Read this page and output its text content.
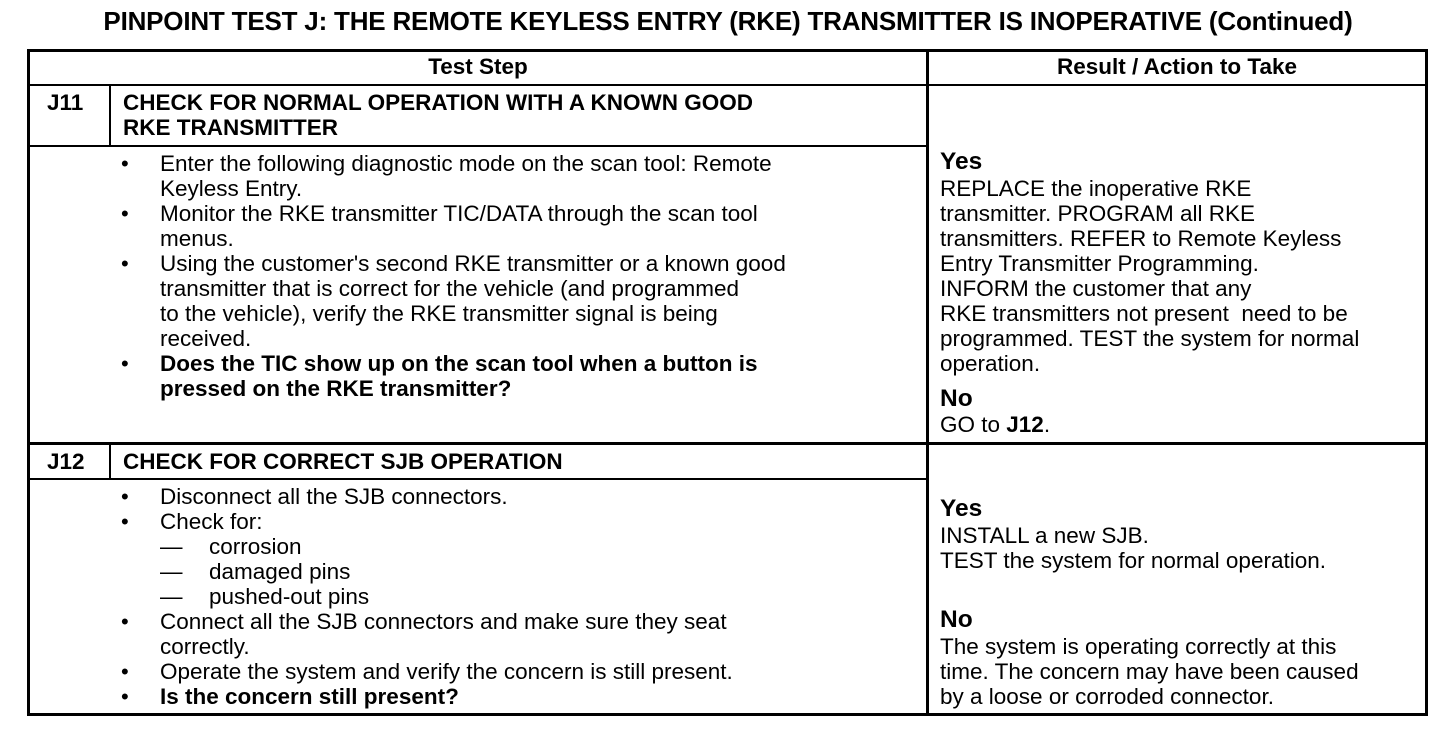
PINPOINT TEST J: THE REMOTE KEYLESS ENTRY (RKE) TRANSMITTER IS INOPERATIVE (Continued)
Test Step	Result / Action to Take
J11 CHECK FOR NORMAL OPERATION WITH A KNOWN GOOD
RKE TRANSMITTER
• Enter the following diagnostic mode on the scan tool: Remote
Keyless Entry.
• Monitor the RKE transmitter TIC/DATA through the scan tool
menus.
• Using the customer's second RKE transmitter or a known good
transmitter that is correct for the vehicle (and programmed
to the vehicle), verify the RKE transmitter signal is being
received.
• Does the TIC show up on the scan tool when a button is
pressed on the RKE transmitter?
Yes
REPLACE the inoperative RKE
transmitter. PROGRAM all RKE
transmitters. REFER to Remote Keyless
Entry Transmitter Programming.
INFORM the customer that any
RKE transmitters not present  need to be
programmed. TEST the system for normal
operation.
No
GO to J12.
J12 CHECK FOR CORRECT SJB OPERATION
• Disconnect all the SJB connectors.
• Check for:
— corrosion
— damaged pins
— pushed-out pins
• Connect all the SJB connectors and make sure they seat
correctly.
• Operate the system and verify the concern is still present.
• Is the concern still present?
Yes
INSTALL a new SJB.
TEST the system for normal operation.
No
The system is operating correctly at this
time. The concern may have been caused
by a loose or corroded connector.
